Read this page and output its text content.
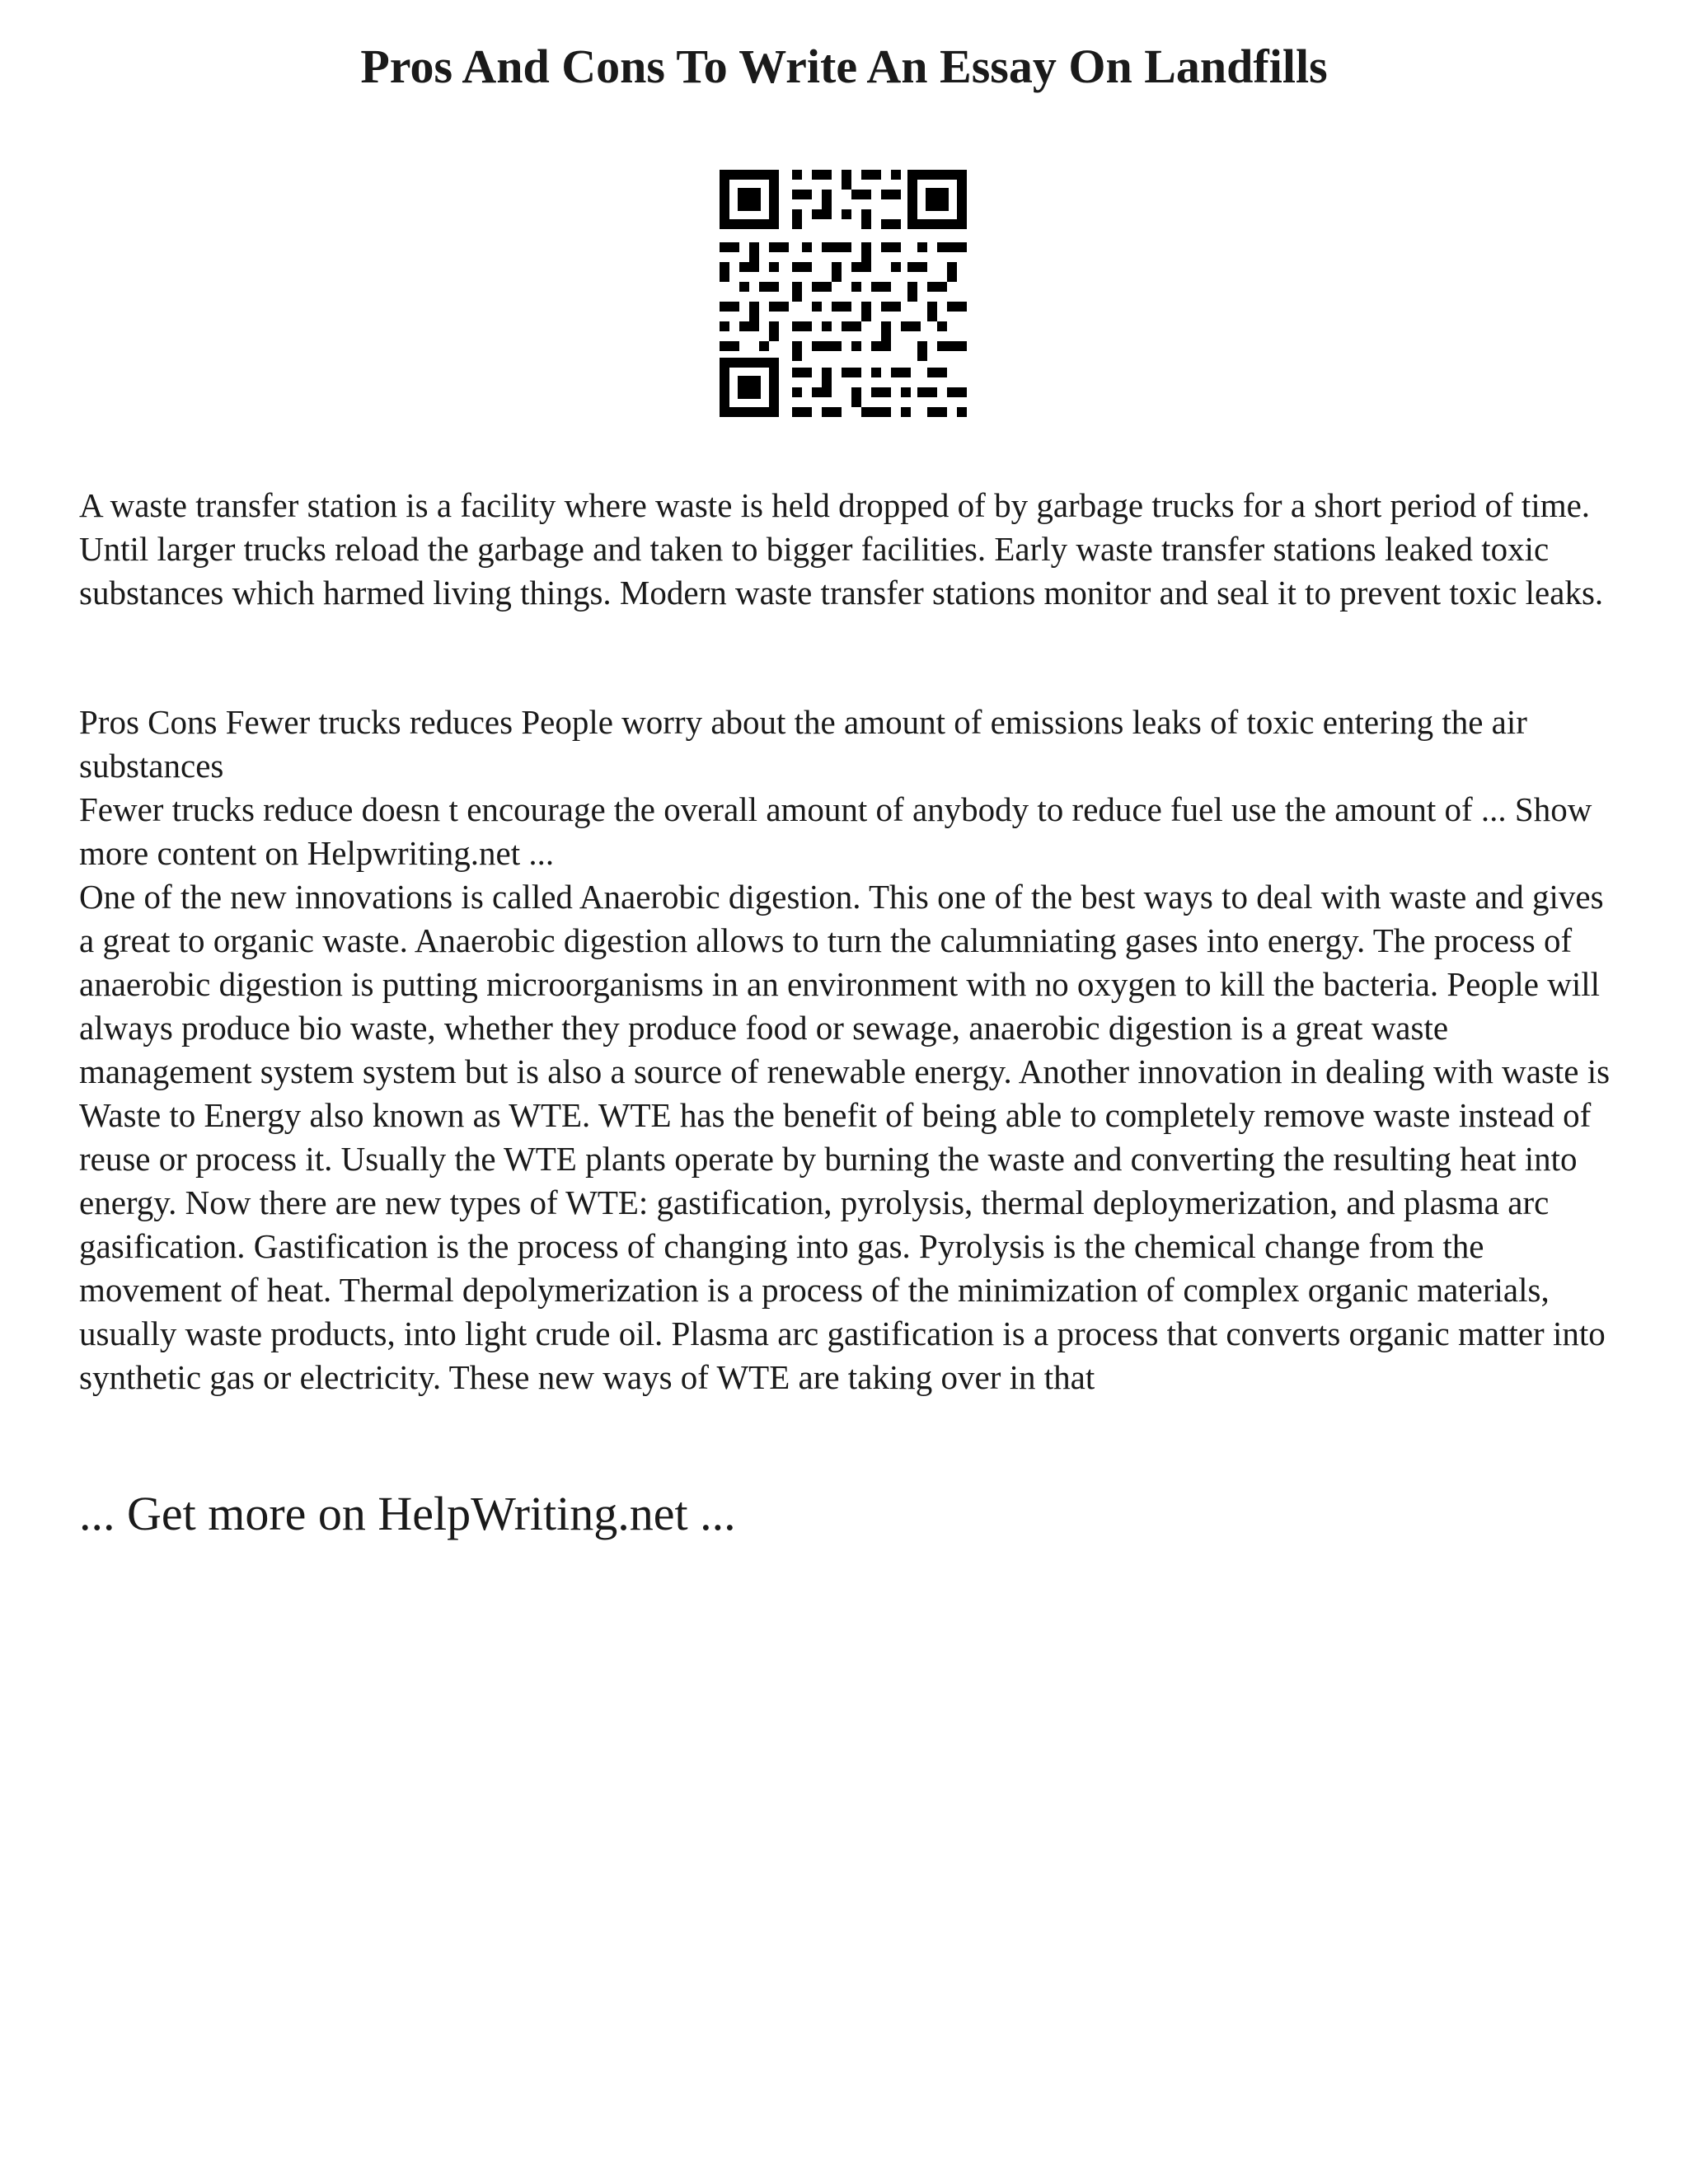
Pros And Cons To Write An Essay On Landfills

A waste transfer station is a facility where waste is held dropped of by garbage trucks for a short period of time. Until larger trucks reload the garbage and taken to bigger facilities. Early waste transfer stations leaked toxic substances which harmed living things. Modern waste transfer stations monitor and seal it to prevent toxic leaks.

Pros Cons Fewer trucks reduces People worry about the amount of emissions leaks of toxic entering the air substances
Fewer trucks reduce doesn t encourage the overall amount of anybody to reduce fuel use the amount of ... Show more content on Helpwriting.net ...
One of the new innovations is called Anaerobic digestion. This one of the best ways to deal with waste and gives a great to organic waste. Anaerobic digestion allows to turn the calumniating gases into energy. The process of anaerobic digestion is putting microorganisms in an environment with no oxygen to kill the bacteria. People will always produce bio waste, whether they produce food or sewage, anaerobic digestion is a great waste management system system but is also a source of renewable energy. Another innovation in dealing with waste is Waste to Energy also known as WTE. WTE has the benefit of being able to completely remove waste instead of reuse or process it. Usually the WTE plants operate by burning the waste and converting the resulting heat into energy. Now there are new types of WTE: gastification, pyrolysis, thermal deploymerization, and plasma arc gasification. Gastification is the process of changing into gas. Pyrolysis is the chemical change from the movement of heat. Thermal depolymerization is a process of the minimization of complex organic materials, usually waste products, into light crude oil. Plasma arc gastification is a process that converts organic matter into synthetic gas or electricity. These new ways of WTE are taking over in that

... Get more on HelpWriting.net ...
